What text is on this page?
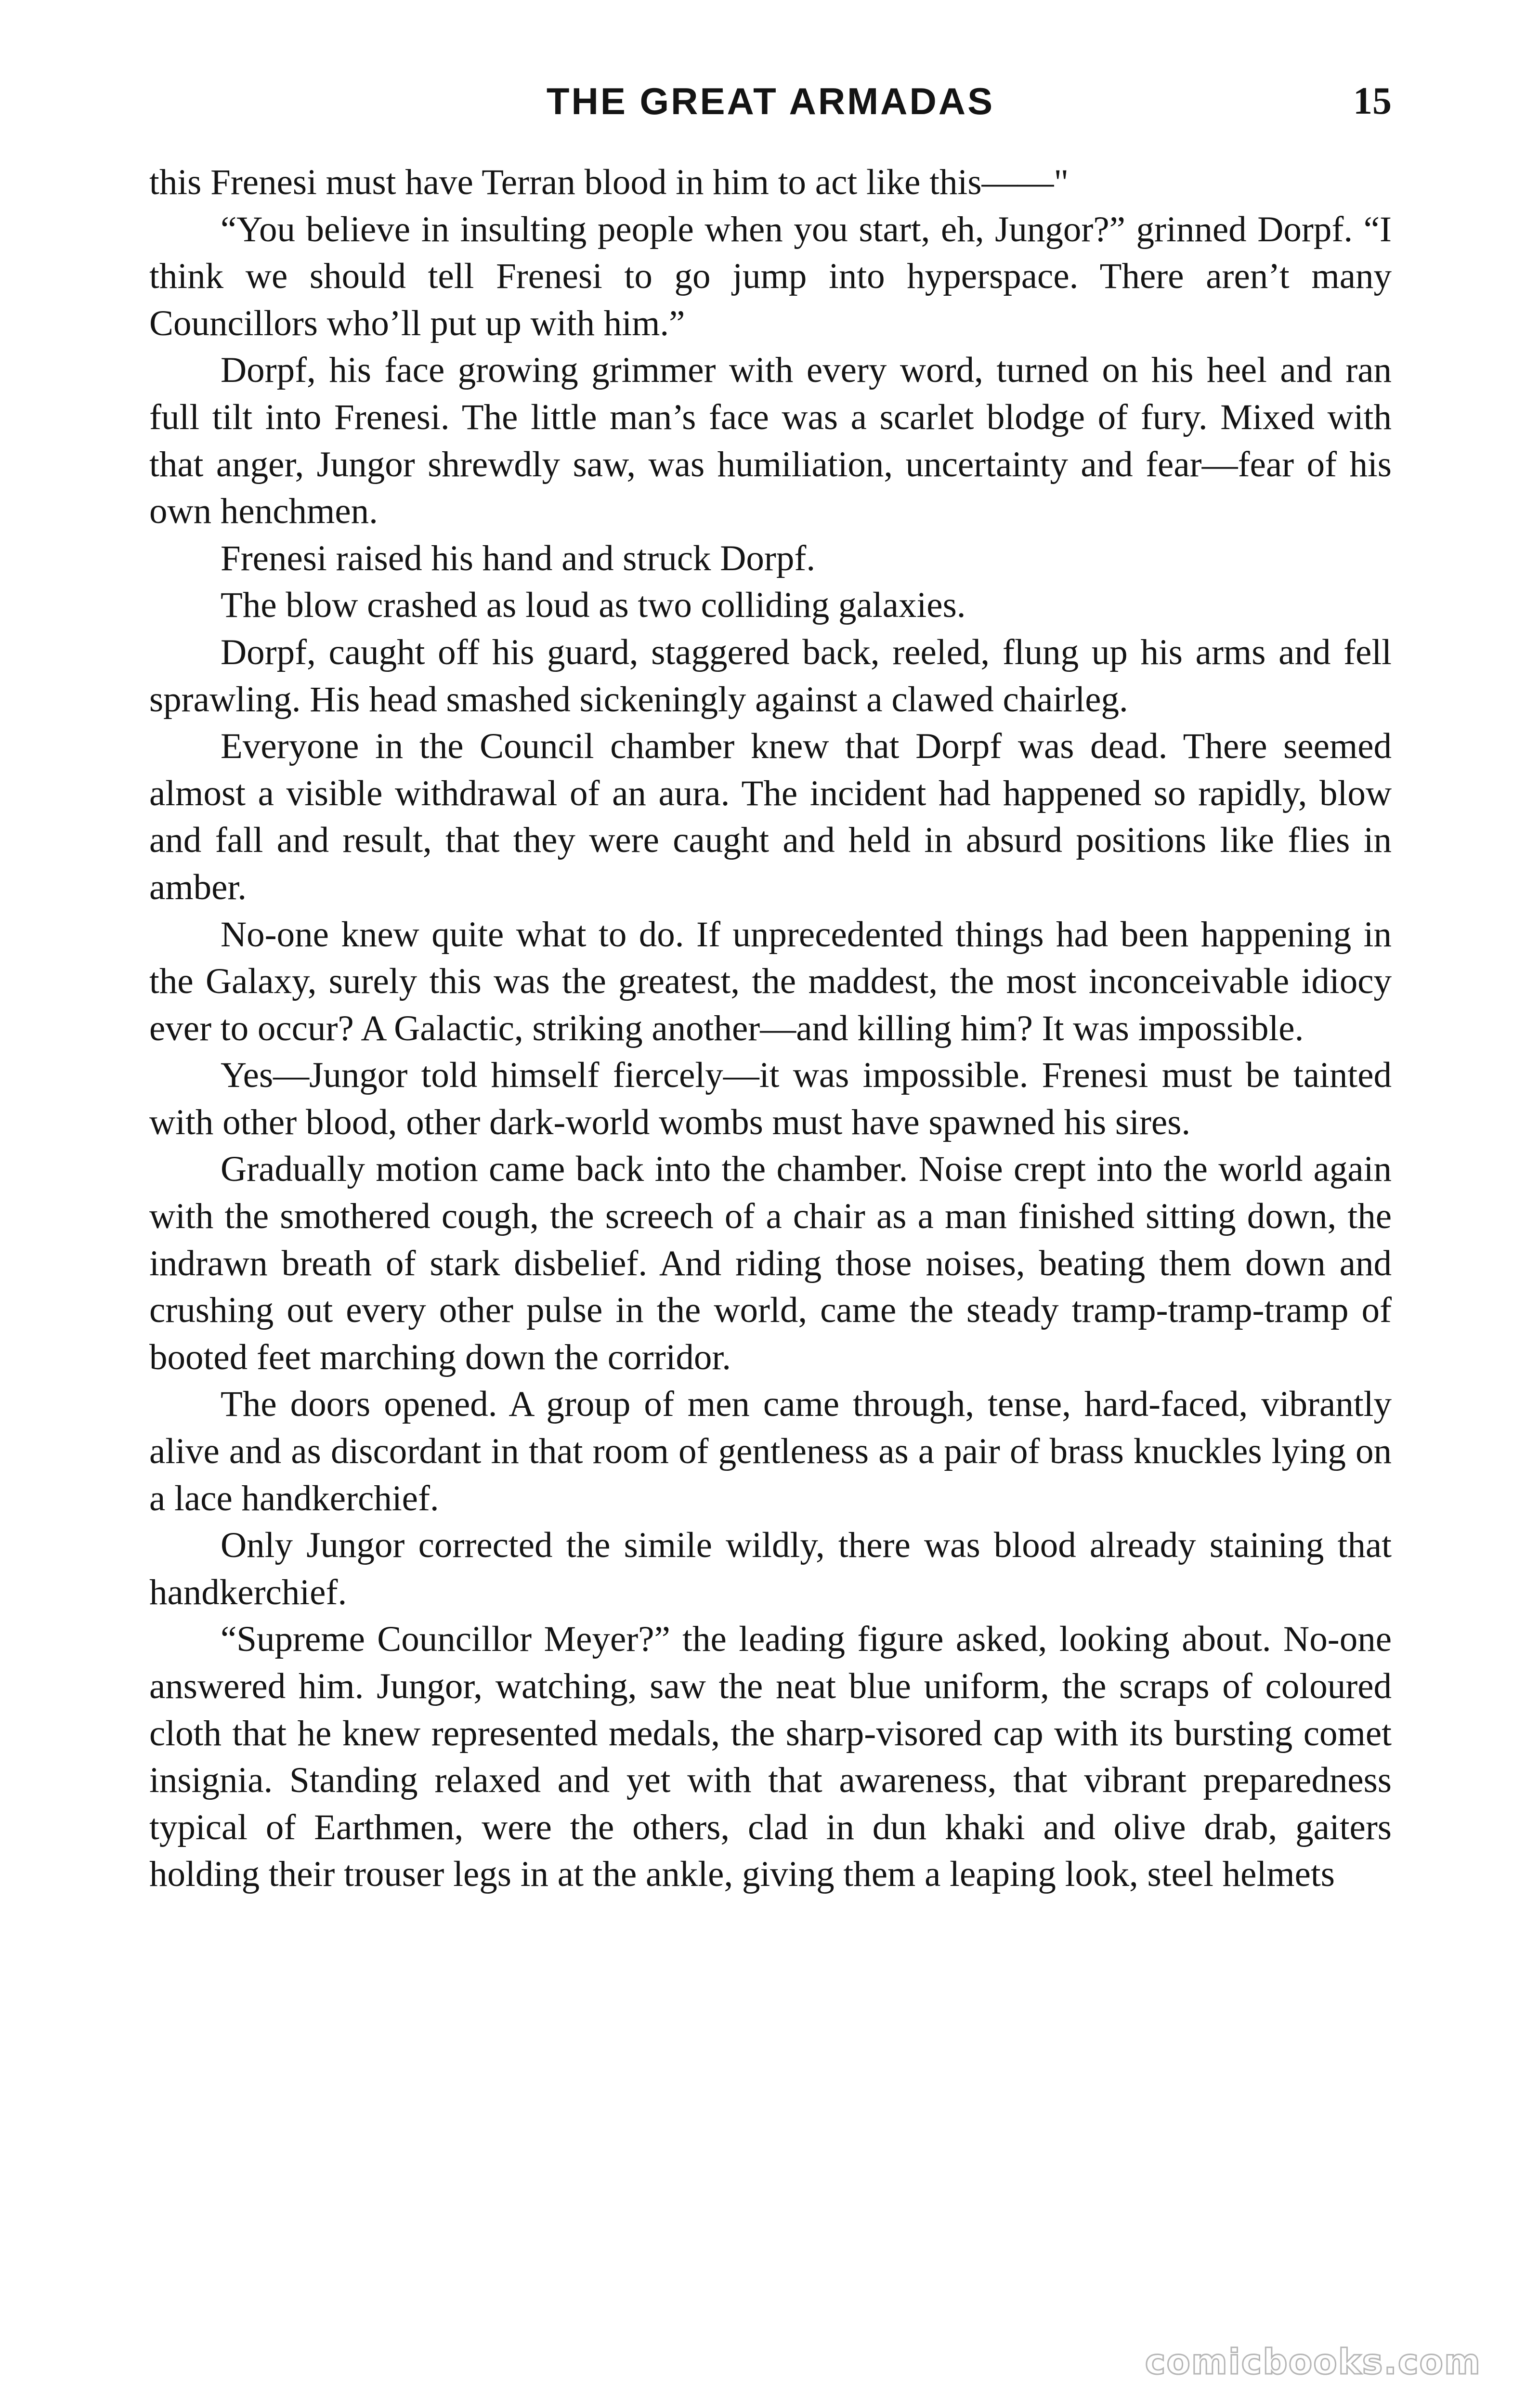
THE GREAT ARMADAS	15

this Frenesi must have Terran blood in him to act like this——"

“You believe in insulting people when you start, eh, Jungor?” grinned Dorpf. “I think we should tell Frenesi to go jump into hyperspace. There aren’t many Councillors who’ll put up with him.”

Dorpf, his face growing grimmer with every word, turned on his heel and ran full tilt into Frenesi. The little man’s face was a scarlet blodge of fury. Mixed with that anger, Jungor shrewdly saw, was humiliation, uncertainty and fear—fear of his own henchmen.

Frenesi raised his hand and struck Dorpf.

The blow crashed as loud as two colliding galaxies.

Dorpf, caught off his guard, staggered back, reeled, flung up his arms and fell sprawling. His head smashed sickeningly against a clawed chairleg.

Everyone in the Council chamber knew that Dorpf was dead. There seemed almost a visible withdrawal of an aura. The incident had happened so rapidly, blow and fall and result, that they were caught and held in absurd positions like flies in amber.

No-one knew quite what to do. If unprecedented things had been happening in the Galaxy, surely this was the greatest, the maddest, the most inconceivable idiocy ever to occur? A Galactic, striking another—and killing him? It was impossible.

Yes—Jungor told himself fiercely—it was impossible. Frenesi must be tainted with other blood, other dark-world wombs must have spawned his sires.

Gradually motion came back into the chamber. Noise crept into the world again with the smothered cough, the screech of a chair as a man finished sitting down, the indrawn breath of stark disbelief. And riding those noises, beating them down and crushing out every other pulse in the world, came the steady tramp-tramp-tramp of booted feet marching down the corridor.

The doors opened. A group of men came through, tense, hard-faced, vibrantly alive and as discordant in that room of gentleness as a pair of brass knuckles lying on a lace handkerchief.

Only Jungor corrected the simile wildly, there was blood already staining that handkerchief.

“Supreme Councillor Meyer?” the leading figure asked, looking about. No-one answered him. Jungor, watching, saw the neat blue uniform, the scraps of coloured cloth that he knew represented medals, the sharp-visored cap with its bursting comet insignia. Standing relaxed and yet with that awareness, that vibrant preparedness typical of Earthmen, were the others, clad in dun khaki and olive drab, gaiters holding their trouser legs in at the ankle, giving them a leaping look, steel helmets

comicbooks.com
